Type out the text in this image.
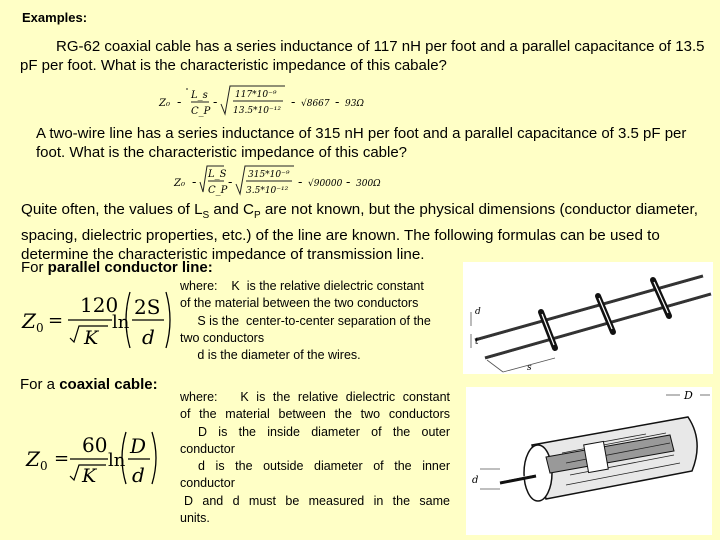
Examples:
RG-62 coaxial cable has a series inductance of 117 nH per foot and a parallel capacitance of 13.5 pF per foot. What is the characteristic impedance of this cabale?
Z₀ - L_s
C_P
- 117*10⁻⁹
13.5*10⁻¹²
- √8667 - 93Ω
A two-wire line has a series inductance of 315 nH per foot and a parallel capacitance of 3.5 pF per foot. What is the characteristic impedance of this cable?
Z₀ -
L_S
C_P
- 315*10⁻⁹
3.5*10⁻¹²
- √90000 - 300Ω
Quite often, the values of $L_S$ and $C_P$ are not known, but the physical dimensions (conductor diameter, spacing, dielectric properties, etc.) of the line are known. The following formulas can be used to determine the characteristic impedance of transmission line.
For parallel conductor line:
Z 0 =
120
K
ln
2S
d
where:    K  is the relative dielectric constant
of the material between the two conductors
S is the  center-to-center separation of the
two conductors
d is the diameter of the wires.
d
t
s
For a coaxial cable:
Z 0 =
60
K
ln
D
d
where:   K is the relative dielectric constant
of the material between the two conductors
D is the inside diameter of the outer
conductor
d is the outside diameter of the inner
conductor
D  and  d  must  be  measured  in  the  same
units.
D
d
